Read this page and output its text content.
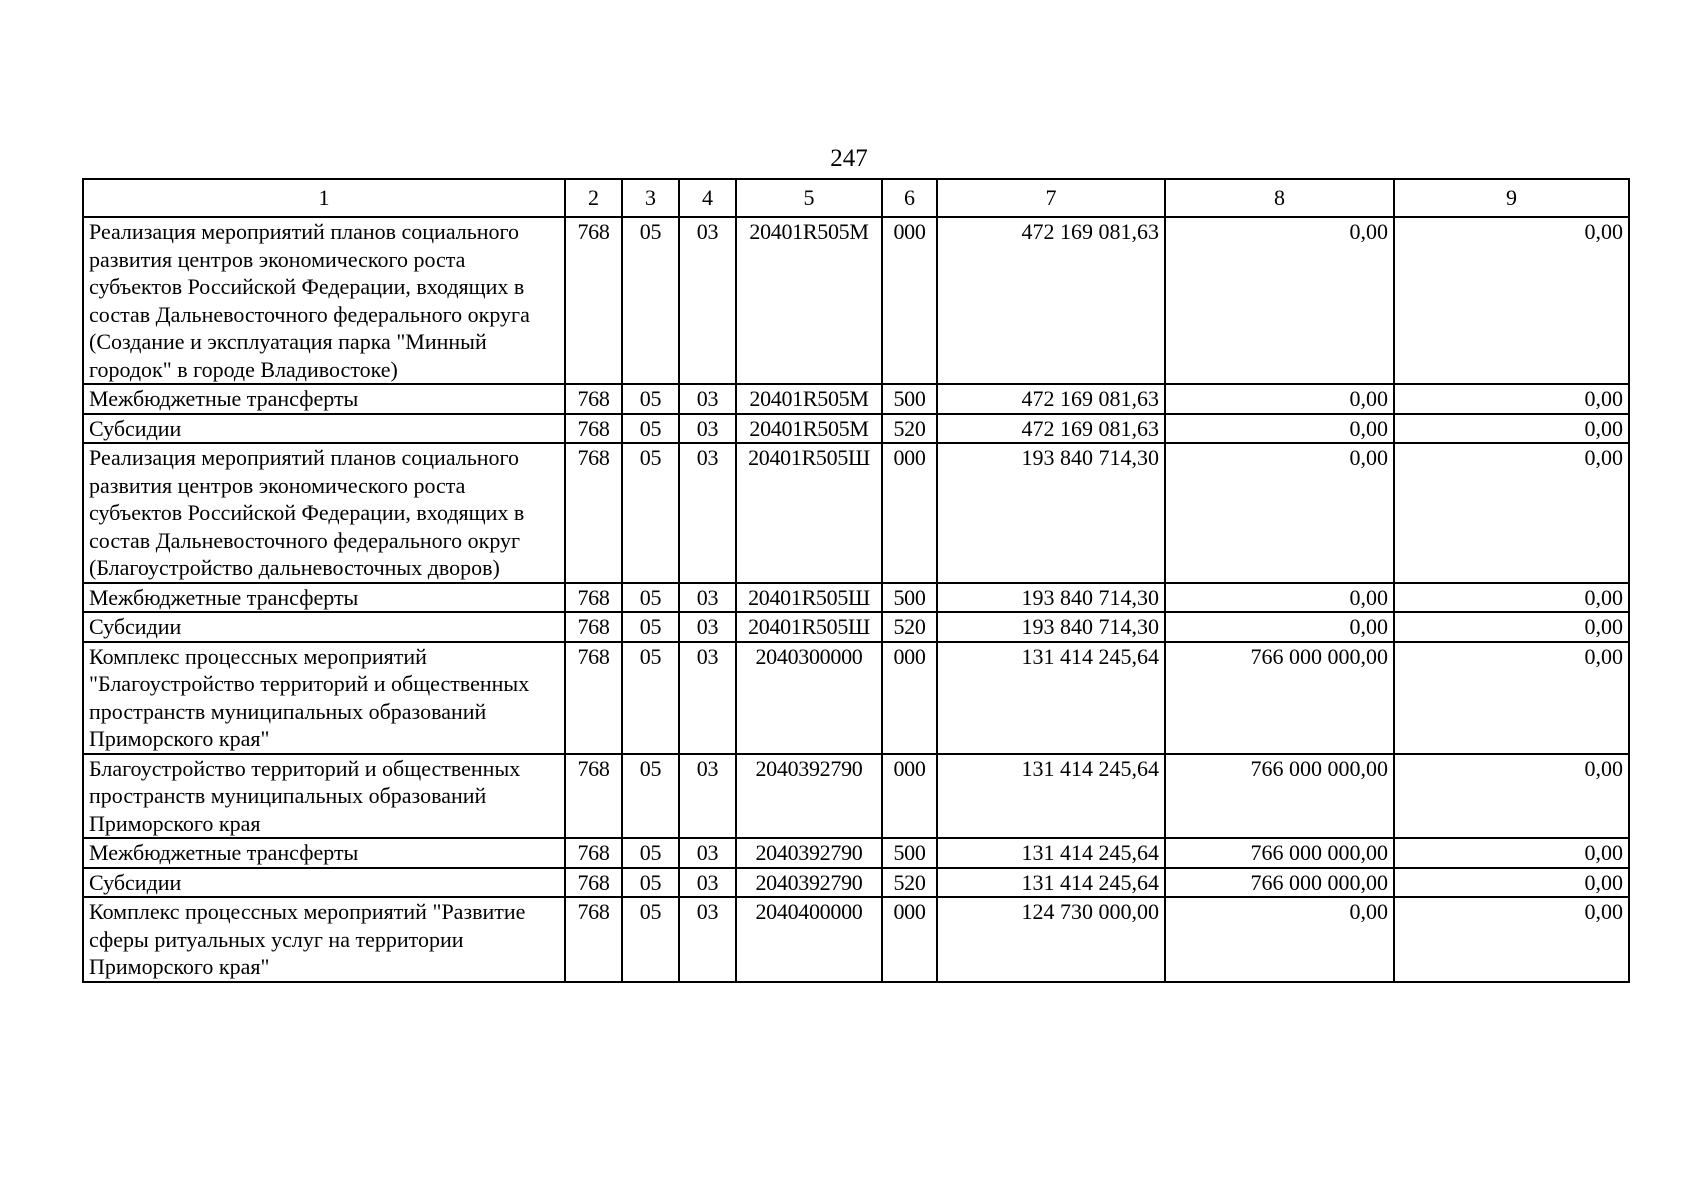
247
1	2	3	4	5	6	7	8	9
Реализация мероприятий планов социального развития центров экономического роста субъектов Российской Федерации, входящих в состав Дальневосточного федерального округа (Создание и эксплуатация парка "Минный городок" в городе Владивостоке)	768	05	03	20401R505М	000	472 169 081,63	0,00	0,00
Межбюджетные трансферты	768	05	03	20401R505М	500	472 169 081,63	0,00	0,00
Субсидии	768	05	03	20401R505М	520	472 169 081,63	0,00	0,00
Реализация мероприятий планов социального развития центров экономического роста субъектов Российской Федерации, входящих в состав Дальневосточного федерального округ (Благоустройство дальневосточных дворов)	768	05	03	20401R505Ш	000	193 840 714,30	0,00	0,00
Межбюджетные трансферты	768	05	03	20401R505Ш	500	193 840 714,30	0,00	0,00
Субсидии	768	05	03	20401R505Ш	520	193 840 714,30	0,00	0,00
Комплекс процессных мероприятий "Благоустройство территорий и общественных пространств муниципальных образований Приморского края"	768	05	03	2040300000	000	131 414 245,64	766 000 000,00	0,00
Благоустройство территорий и общественных пространств муниципальных образований Приморского края	768	05	03	2040392790	000	131 414 245,64	766 000 000,00	0,00
Межбюджетные трансферты	768	05	03	2040392790	500	131 414 245,64	766 000 000,00	0,00
Субсидии	768	05	03	2040392790	520	131 414 245,64	766 000 000,00	0,00
Комплекс процессных мероприятий "Развитие сферы ритуальных услуг на территории Приморского края"	768	05	03	2040400000	000	124 730 000,00	0,00	0,00
